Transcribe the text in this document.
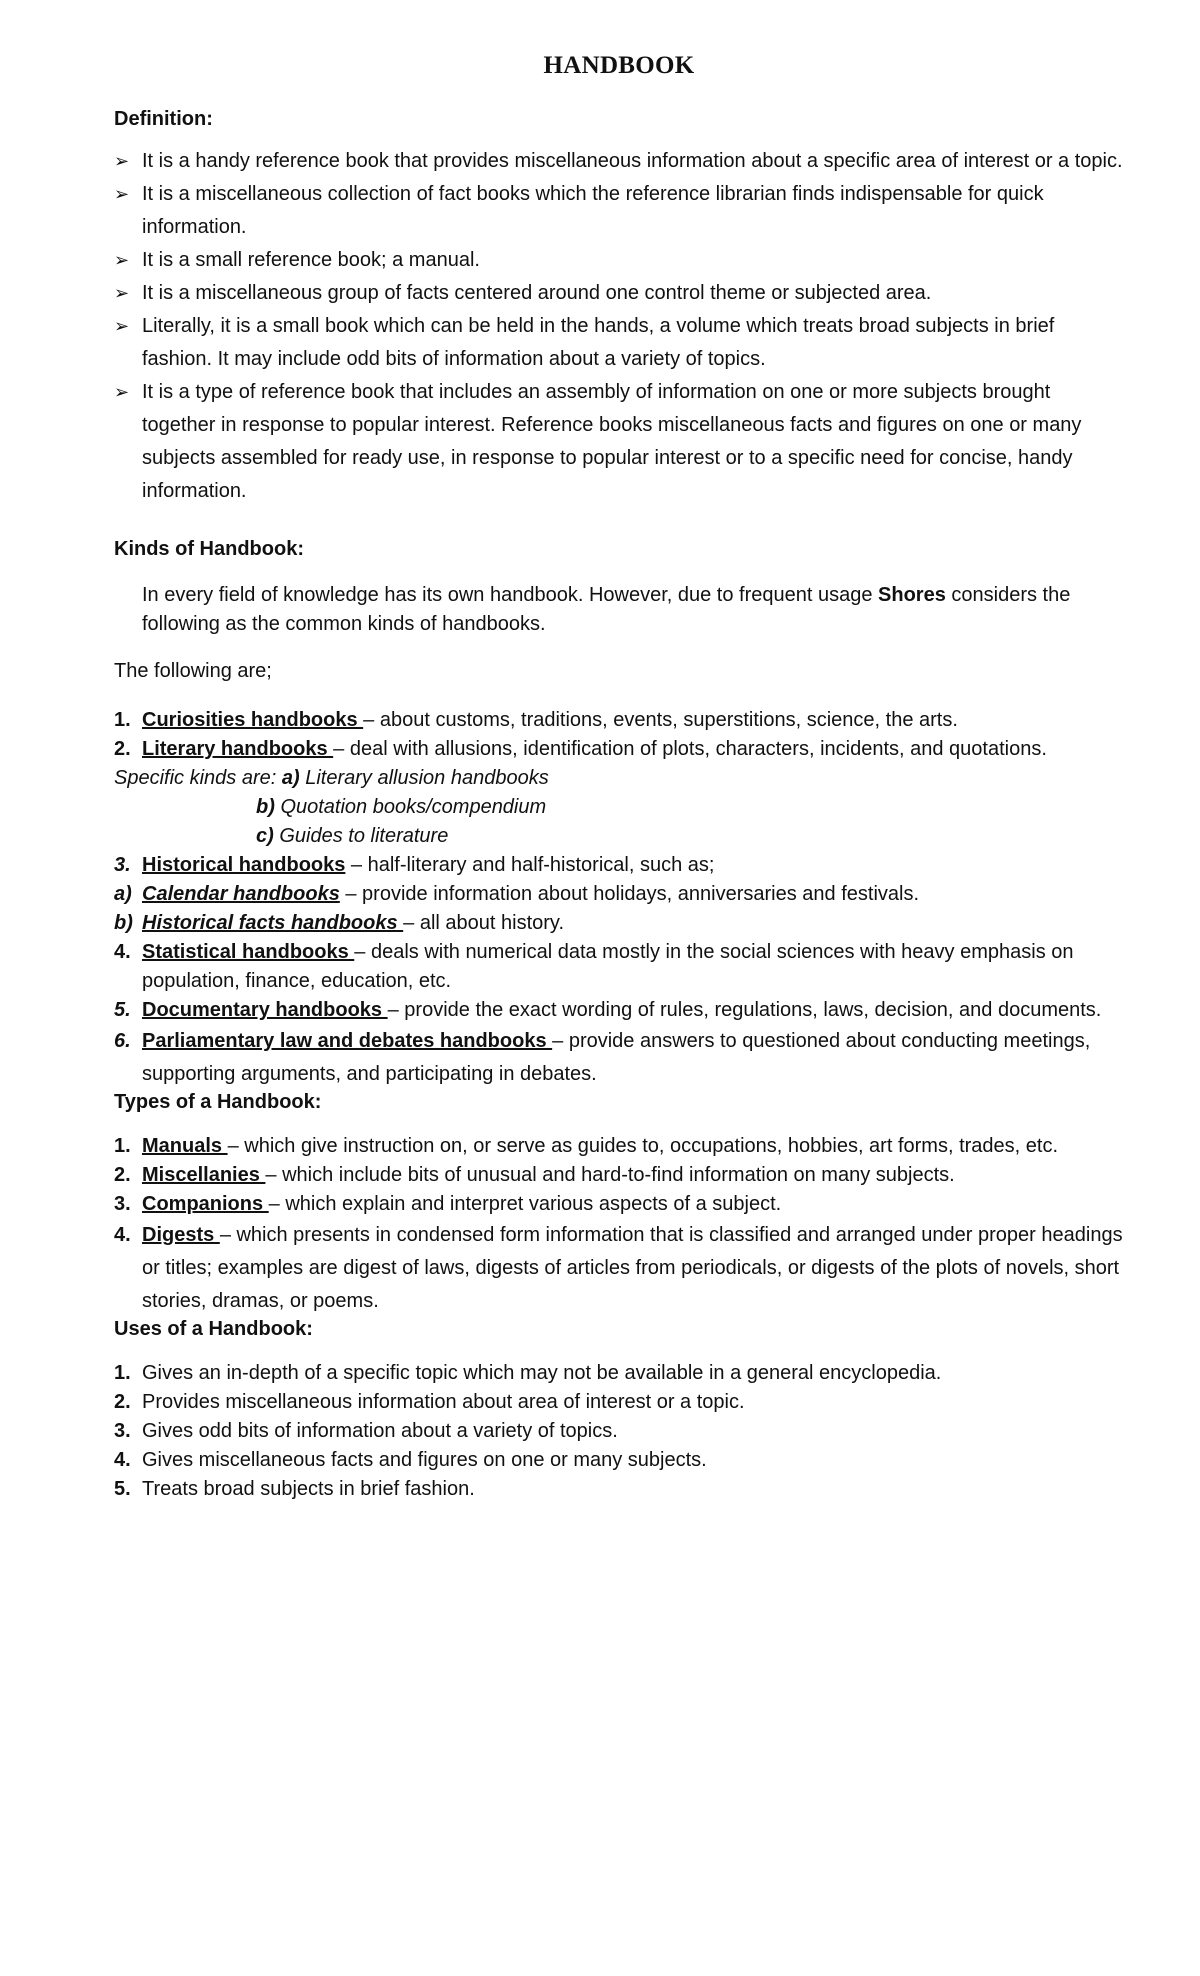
HANDBOOK
Definition:
➢ It is a handy reference book that provides miscellaneous information about a specific area of interest or a topic.
➢ It is a miscellaneous collection of fact books which the reference librarian finds indispensable for quick information.
➢ It is a small reference book; a manual.
➢ It is a miscellaneous group of facts centered around one control theme or subjected area.
➢ Literally, it is a small book which can be held in the hands, a volume which treats broad subjects in brief fashion. It may include odd bits of information about a variety of topics.
➢ It is a type of reference book that includes an assembly of information on one or more subjects brought together in response to popular interest. Reference books miscellaneous facts and figures on one or many subjects assembled for ready use, in response to popular interest or to a specific need for concise, handy information.
Kinds of Handbook:
In every field of knowledge has its own handbook. However, due to frequent usage Shores considers the following as the common kinds of handbooks.
The following are;
1. Curiosities handbooks – about customs, traditions, events, superstitions, science, the arts.
2. Literary handbooks – deal with allusions, identification of plots, characters, incidents, and quotations.
Specific kinds are: a) Literary allusion handbooks
b) Quotation books/compendium
c) Guides to literature
3. Historical handbooks – half-literary and half-historical, such as;
a) Calendar handbooks – provide information about holidays, anniversaries and festivals.
b) Historical facts handbooks – all about history.
4. Statistical handbooks – deals with numerical data mostly in the social sciences with heavy emphasis on population, finance, education, etc.
5. Documentary handbooks – provide the exact wording of rules, regulations, laws, decision, and documents.
6. Parliamentary law and debates handbooks – provide answers to questioned about conducting meetings, supporting arguments, and participating in debates.
Types of a Handbook:
1. Manuals – which give instruction on, or serve as guides to, occupations, hobbies, art forms, trades, etc.
2. Miscellanies – which include bits of unusual and hard-to-find information on many subjects.
3. Companions – which explain and interpret various aspects of a subject.
4. Digests – which presents in condensed form information that is classified and arranged under proper headings or titles; examples are digest of laws, digests of articles from periodicals, or digests of the plots of novels, short stories, dramas, or poems.
Uses of a Handbook:
1. Gives an in-depth of a specific topic which may not be available in a general encyclopedia.
2. Provides miscellaneous information about area of interest or a topic.
3. Gives odd bits of information about a variety of topics.
4. Gives miscellaneous facts and figures on one or many subjects.
5. Treats broad subjects in brief fashion.
